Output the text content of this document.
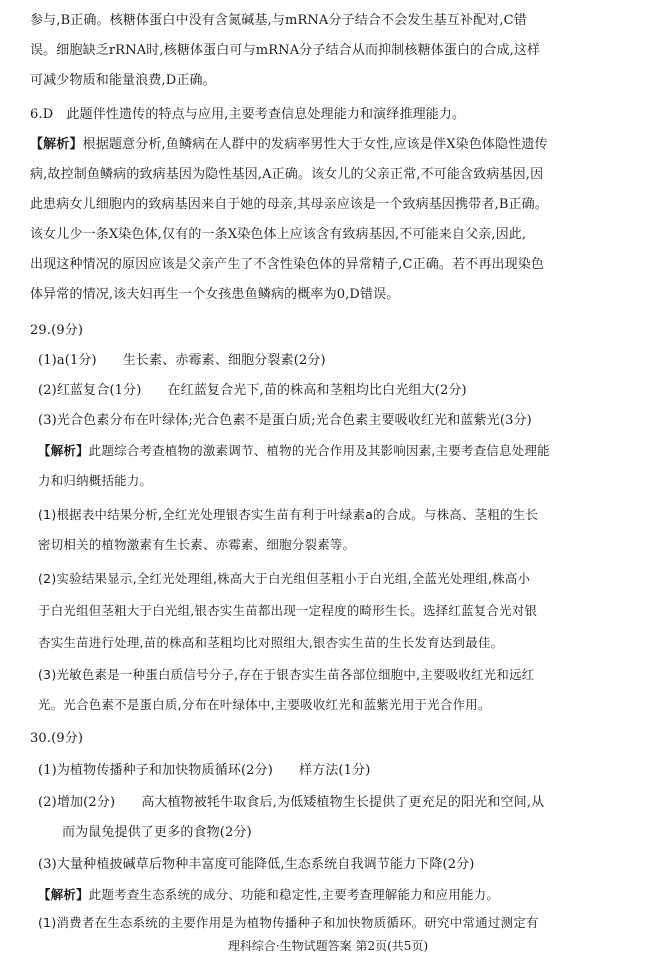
参与,B正确。核糖体蛋白中没有含氮碱基,与mRNA分子结合不会发生基互补配对,C错
误。细胞缺乏rRNA时,核糖体蛋白可与mRNA分子结合从而抑制核糖体蛋白的合成,这样
可减少物质和能量浪费,D正确。
6.D　此题伴性遗传的特点与应用,主要考查信息处理能力和演绎推理能力。
【解析】根据题意分析,鱼鳞病在人群中的发病率男性大于女性,应该是伴X染色体隐性遗传
病,故控制鱼鳞病的致病基因为隐性基因,A正确。该女儿的父亲正常,不可能含致病基因,因
此患病女儿细胞内的致病基因来自于她的母亲,其母亲应该是一个致病基因携带者,B正确。
该女儿少一条X染色体,仅有的一条X染色体上应该含有致病基因,不可能来自父亲,因此,
出现这种情况的原因应该是父亲产生了不含性染色体的异常精子,C正确。若不再出现染色
体异常的情况,该夫妇再生一个女孩患鱼鳞病的概率为0,D错误。
29.(9分)
(1)a(1分) 生长素、赤霉素、细胞分裂素(2分)
(2)红蓝复合(1分) 在红蓝复合光下,苗的株高和茎粗均比白光组大(2分)
(3)光合色素分布在叶绿体;光合色素不是蛋白质;光合色素主要吸收红光和蓝紫光(3分)
【解析】此题综合考查植物的激素调节、植物的光合作用及其影响因素,主要考查信息处理能
力和归纳概括能力。
(1)根据表中结果分析,全红光处理银杏实生苗有利于叶绿素a的合成。与株高、茎粗的生长
密切相关的植物激素有生长素、赤霉素、细胞分裂素等。
(2)实验结果显示,全红光处理组,株高大于白光组但茎粗小于白光组,全蓝光处理组,株高小
于白光组但茎粗大于白光组,银杏实生苗都出现一定程度的畸形生长。选择红蓝复合光对银
杏实生苗进行处理,苗的株高和茎粗均比对照组大,银杏实生苗的生长发育达到最佳。
(3)光敏色素是一种蛋白质信号分子,存在于银杏实生苗各部位细胞中,主要吸收红光和远红
光。光合色素不是蛋白质,分布在叶绿体中,主要吸收红光和蓝紫光用于光合作用。
30.(9分)
(1)为植物传播种子和加快物质循环(2分) 样方法(1分)
(2)增加(2分) 高大植物被牦牛取食后,为低矮植物生长提供了更充足的阳光和空间,从
而为鼠兔提供了更多的食物(2分)
(3)大量种植披碱草后物种丰富度可能降低,生态系统自我调节能力下降(2分)
【解析】此题考查生态系统的成分、功能和稳定性,主要考查理解能力和应用能力。
(1)消费者在生态系统的主要作用是为植物传播种子和加快物质循环。研究中常通过测定有
理科综合·生物试题答案 第2页(共5页)
